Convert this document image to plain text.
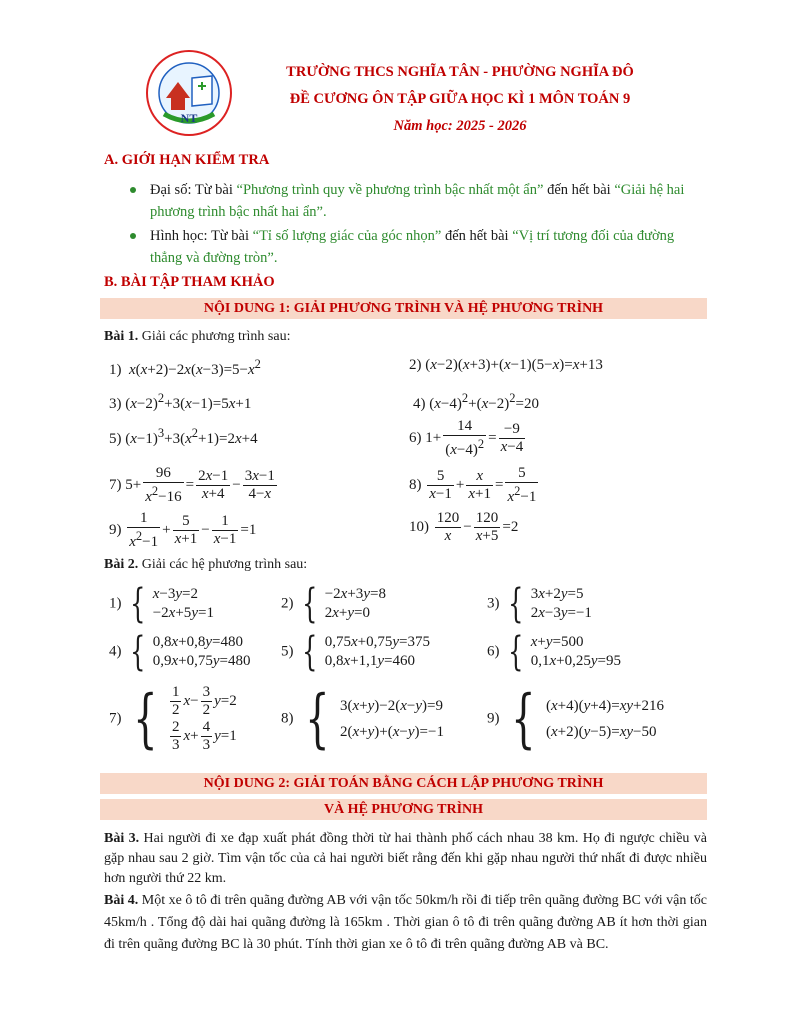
NT
TRƯỜNG THCS NGHĨA TÂN - PHƯỜNG NGHĨA ĐÔ
ĐỀ CƯƠNG ÔN TẬP GIỮA HỌC KÌ 1 MÔN TOÁN 9
Năm học: 2025 - 2026
A. GIỚI HẠN KIỂM TRA
Đại số: Từ bài “Phương trình quy về phương trình bậc nhất một ẩn” đến hết bài “Giải hệ hai phương trình bậc nhất hai ẩn”.
Hình học: Từ bài “Tỉ số lượng giác của góc nhọn” đến hết bài “Vị trí tương đối của đường thẳng và đường tròn”.
B. BÀI TẬP THAM KHẢO
NỘI DUNG 1: GIẢI PHƯƠNG TRÌNH VÀ HỆ PHƯƠNG TRÌNH
Bài 1. Giải các phương trình sau:
1)  $x(x+2)-2x(x-3)=5-x^2$	2) (x−2)(x+3)+(x−1)(5−x)=x+13
3) $(x-2)^2+3(x-1)=5x+1$	4) $(x-4)^2+(x-2)^2=20$
5) $(x-1)^3+3(x^2+1)=2x+4$	6) $1+ \frac{14}{(x-4)^2} = \frac{-9}{x-4}$
7) $5+ \frac{96}{x^2-16} = \frac{2x-1}{x+4} - \frac{3x-1}{4-x}$	$8) \frac{5}{x-1} + \frac{x}{x+1} = \frac{5}{x^2-1}$
$9) \frac{1}{x^2-1} + \frac{5}{x+1} - \frac{1}{x-1} =1$	$10) \frac{120}{x} - \frac{120}{x+5} =2$
Bài 2. Giải các hệ phương trình sau:
1) { x−3y=2
−2x+5y=1
2) { −2x+3y=8
2x+y=0
3) { 3x+2y=5
2x−3y=−1
4) { 0,8x+0,8y=480
0,9x+0,75y=480
5) { 0,75x+0,75y=375
0,8x+1,1y=460
6) { x+y=500
0,1x+0,25y=95
7) { $\frac{1}{2} x- \frac{3}{2} y=2$
$\frac{2}{3} x+ \frac{4}{3} y=1$
8) { 3(x+y)−2(x−y)=9
2(x+y)+(x−y)=−1
9) { (x+4)(y+4)=xy+216
(x+2)(y−5)=xy−50
NỘI DUNG 2: GIẢI TOÁN BẰNG CÁCH LẬP PHƯƠNG TRÌNH
VÀ HỆ PHƯƠNG TRÌNH
Bài 3. Hai người đi xe đạp xuất phát đồng thời từ hai thành phố cách nhau 38 km. Họ đi ngược chiều và gặp nhau sau 2 giờ. Tìm vận tốc của cả hai người biết rằng đến khi gặp nhau người thứ nhất đi được nhiều hơn người thứ 22 km.
Bài 4. Một xe ô tô đi trên quãng đường AB với vận tốc 50km/h rồi đi tiếp trên quãng đường BC với vận tốc 45km/h . Tổng độ dài hai quãng đường là 165km . Thời gian ô tô đi trên quãng đường AB ít hơn thời gian đi trên quãng đường BC là 30 phút. Tính thời gian xe ô tô đi trên quãng đường AB và BC.
